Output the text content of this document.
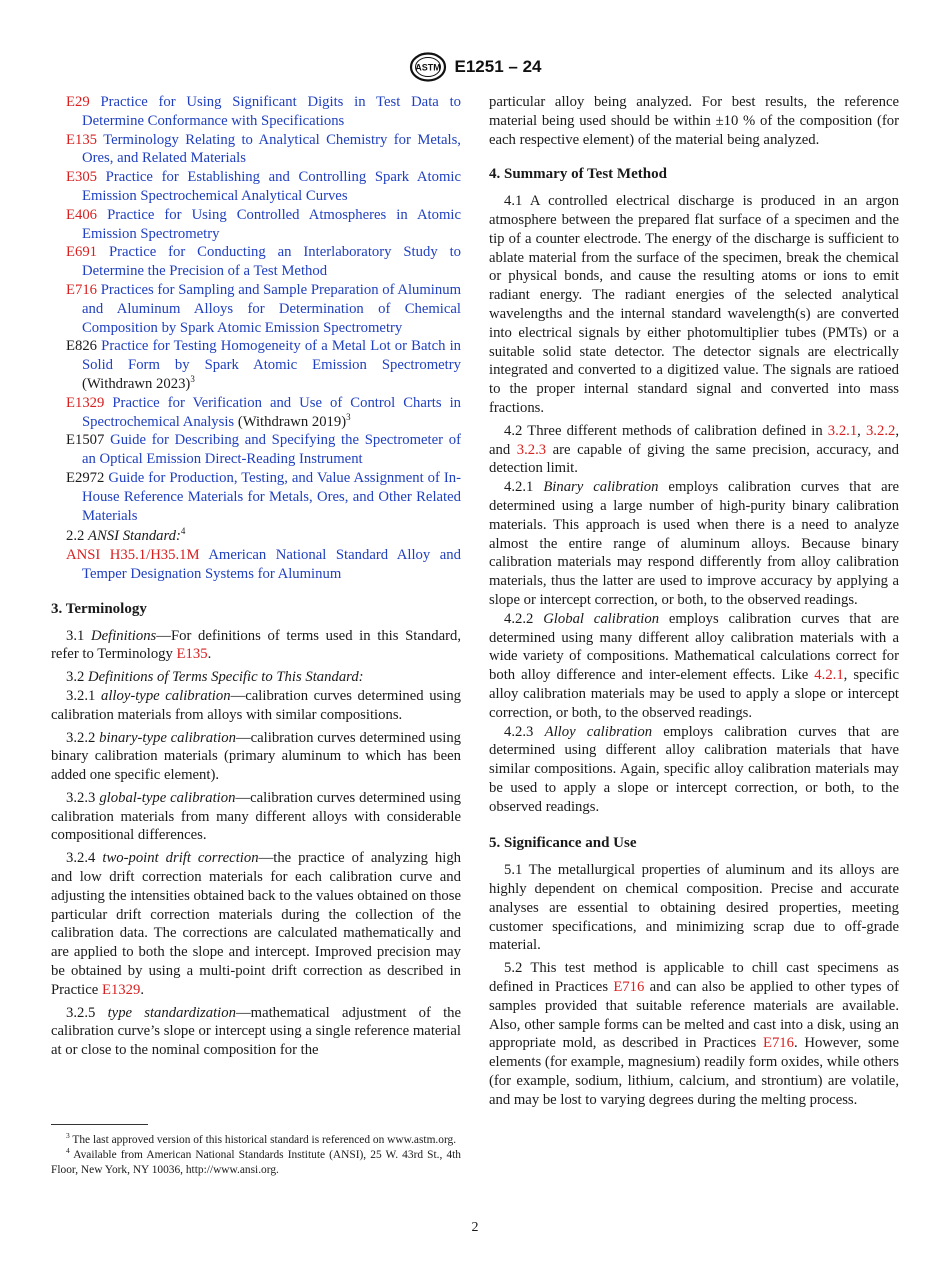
ASTM E1251 – 24

E29 Practice for Using Significant Digits in Test Data to Determine Conformance with Specifications

E135 Terminology Relating to Analytical Chemistry for Metals, Ores, and Related Materials

E305 Practice for Establishing and Controlling Spark Atomic Emission Spectrochemical Analytical Curves

E406 Practice for Using Controlled Atmospheres in Atomic Emission Spectrometry

E691 Practice for Conducting an Interlaboratory Study to Determine the Precision of a Test Method

E716 Practices for Sampling and Sample Preparation of Aluminum and Aluminum Alloys for Determination of Chemical Composition by Spark Atomic Emission Spectrometry

E826 Practice for Testing Homogeneity of a Metal Lot or Batch in Solid Form by Spark Atomic Emission Spectrometry (Withdrawn 2023)$^3$

E1329 Practice for Verification and Use of Control Charts in Spectrochemical Analysis (Withdrawn 2019)$^3$

E1507 Guide for Describing and Specifying the Spectrometer of an Optical Emission Direct-Reading Instrument

E2972 Guide for Production, Testing, and Value Assignment of In-House Reference Materials for Metals, Ores, and Other Related Materials

2.2 ANSI Standard:$^4$

ANSI H35.1/H35.1M American National Standard Alloy and Temper Designation Systems for Aluminum

3. Terminology

3.1 Definitions—For definitions of terms used in this Standard, refer to Terminology E135.

3.2 Definitions of Terms Specific to This Standard:

3.2.1 alloy-type calibration—calibration curves determined using calibration materials from alloys with similar compositions.

3.2.2 binary-type calibration—calibration curves determined using binary calibration materials (primary aluminum to which has been added one specific element).

3.2.3 global-type calibration—calibration curves determined using calibration materials from many different alloys with considerable compositional differences.

3.2.4 two-point drift correction—the practice of analyzing high and low drift correction materials for each calibration curve and adjusting the intensities obtained back to the values obtained on those particular drift correction materials during the collection of the calibration data. The corrections are calculated mathematically and are applied to both the slope and intercept. Improved precision may be obtained by using a multi-point drift correction as described in Practice E1329.

3.2.5 type standardization—mathematical adjustment of the calibration curve’s slope or intercept using a single reference material at or close to the nominal composition for the

$^3$ The last approved version of this historical standard is referenced on www.astm.org.

$^4$ Available from American National Standards Institute (ANSI), 25 W. 43rd St., 4th Floor, New York, NY 10036, http://www.ansi.org.

particular alloy being analyzed. For best results, the reference material being used should be within ±10 % of the composition (for each respective element) of the material being analyzed.

4. Summary of Test Method

4.1 A controlled electrical discharge is produced in an argon atmosphere between the prepared flat surface of a specimen and the tip of a counter electrode. The energy of the discharge is sufficient to ablate material from the surface of the specimen, break the chemical or physical bonds, and cause the resulting atoms or ions to emit radiant energy. The radiant energies of the selected analytical wavelengths and the internal standard wavelength(s) are converted into electrical signals by either photomultiplier tubes (PMTs) or a suitable solid state detector. The detector signals are electrically integrated and converted to a digitized value. The signals are ratioed to the proper internal standard signal and converted into mass fractions.

4.2 Three different methods of calibration defined in 3.2.1, 3.2.2, and 3.2.3 are capable of giving the same precision, accuracy, and detection limit.

4.2.1 Binary calibration employs calibration curves that are determined using a large number of high-purity binary calibration materials. This approach is used when there is a need to analyze almost the entire range of aluminum alloys. Because binary calibration materials may respond differently from alloy calibration materials, thus the latter are used to improve accuracy by applying a slope or intercept correction, or both, to the observed readings.

4.2.2 Global calibration employs calibration curves that are determined using many different alloy calibration materials with a wide variety of compositions. Mathematical calculations correct for both alloy difference and inter-element effects. Like 4.2.1, specific alloy calibration materials may be used to apply a slope or intercept correction, or both, to the observed readings.

4.2.3 Alloy calibration employs calibration curves that are determined using different alloy calibration materials that have similar compositions. Again, specific alloy calibration materials may be used to apply a slope or intercept correction, or both, to the observed readings.

5. Significance and Use

5.1 The metallurgical properties of aluminum and its alloys are highly dependent on chemical composition. Precise and accurate analyses are essential to obtaining desired properties, meeting customer specifications, and minimizing scrap due to off-grade material.

5.2 This test method is applicable to chill cast specimens as defined in Practices E716 and can also be applied to other types of samples provided that suitable reference materials are available. Also, other sample forms can be melted and cast into a disk, using an appropriate mold, as described in Practices E716. However, some elements (for example, magnesium) readily form oxides, while others (for example, sodium, lithium, calcium, and strontium) are volatile, and may be lost to varying degrees during the melting process.

2
